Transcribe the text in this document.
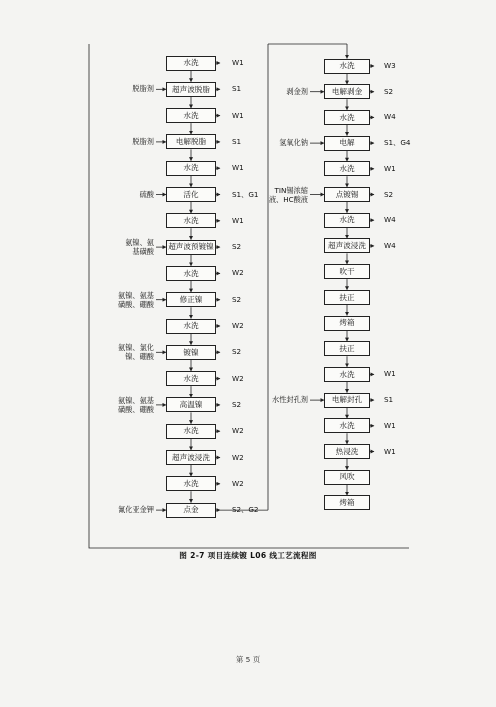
水洗	W1
超声波脱脂	S1
脱脂剂
水洗	W1
电解脱脂	S1
脱脂剂
水洗	W1
活化	S1、G1
硫酸
水洗	W1
超声波预镀镍	S2
氨镍、氨
基磺酸
水洗	W2
修正镍	S2
氨镍、氨基
磺酸、硼酸
水洗	W2
镀镍	S2
氨镍、氯化
镍、硼酸
水洗	W2
高温镍	S2
氨镍、氨基
磺酸、硼酸
水洗	W2
超声波浸洗	W2
水洗	W2
点金	S2、G2
氰化亚金钾
水洗	W3
电解剥金	S2
剥金剂
水洗	W4
电解	S1、G4
氢氧化钠
水洗	W1
点镀锡	S2
TIN锡浓缩
液、HC酸液
水洗	W4
超声波浸洗	W4
吹干
扶正
烤箱
扶正
水洗	W1
电解封孔	S1
水性封孔剂
水洗	W1
热浸洗	W1
风吹
烤箱
图 2-7 项目连续镀 L06 线工艺流程图
第 5 页
